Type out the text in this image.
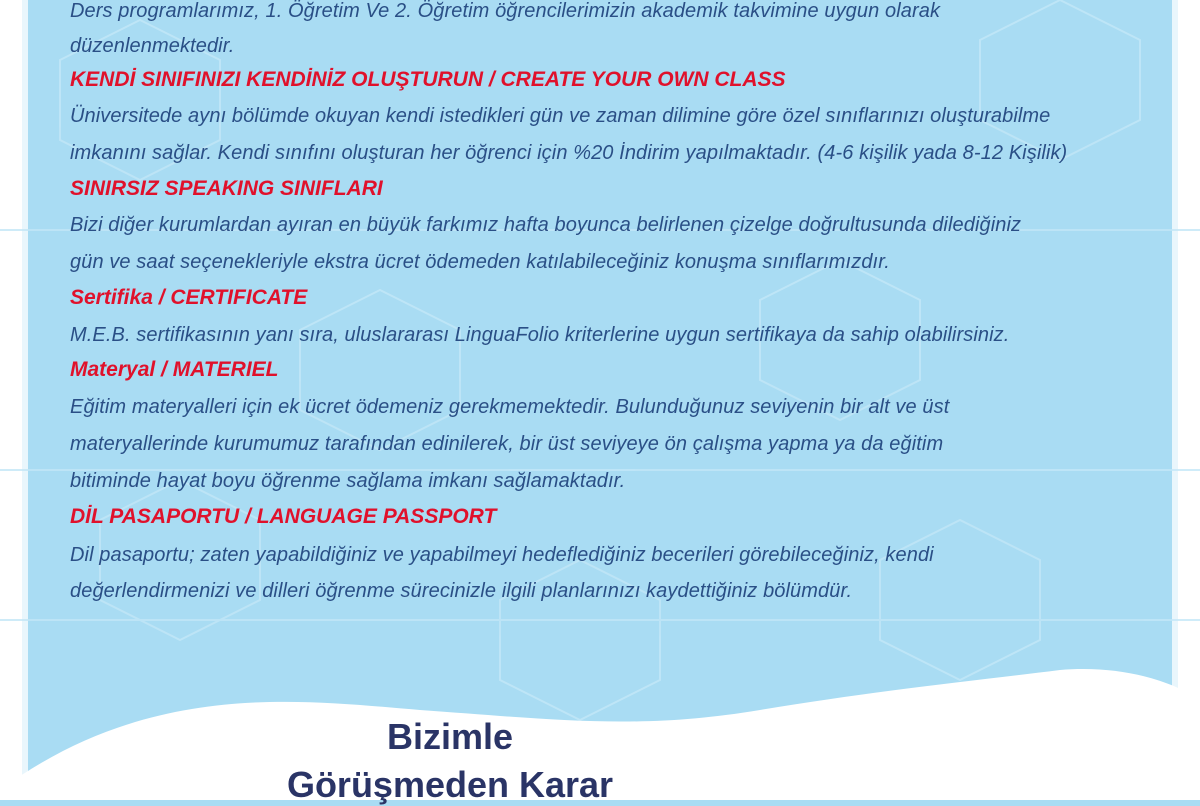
Ders programlarımız, 1. Öğretim Ve 2. Öğretim öğrencilerimizin akademik takvimine uygun olarak
düzenlenmektedir.
KENDİ SINIFINIZI KENDİNİZ OLUŞTURUN / CREATE YOUR OWN CLASS
Üniversitede aynı bölümde okuyan kendi istedikleri gün ve zaman dilimine göre özel sınıflarınızı oluşturabilme
imkanını sağlar. Kendi sınıfını oluşturan her öğrenci için %20 İndirim yapılmaktadır. (4-6 kişilik yada 8-12 Kişilik)
SINIRSIZ SPEAKING SINIFLARI
Bizi diğer kurumlardan ayıran en büyük farkımız hafta boyunca belirlenen çizelge doğrultusunda dilediğiniz
gün ve saat seçenekleriyle ekstra ücret ödemeden katılabileceğiniz konuşma sınıflarımızdır.
Sertifika / CERTIFICATE
M.E.B. sertifikasının yanı sıra, uluslararası LinguaFolio kriterlerine uygun sertifikaya da sahip olabilirsiniz.
Materyal / MATERIEL
Eğitim materyalleri için ek ücret ödemeniz gerekmemektedir. Bulunduğunuz seviyenin bir alt ve üst
materyallerinde kurumumuz tarafından edinilerek, bir üst seviyeye ön çalışma yapma ya da eğitim
bitiminde hayat boyu öğrenme sağlama imkanı sağlamaktadır.
DİL PASAPORTU / LANGUAGE PASSPORT
Dil pasaportu; zaten yapabildiğiniz ve yapabilmeyi hedeflediğiniz becerileri görebileceğiniz, kendi
değerlendirmenizi ve dilleri öğrenme sürecinizle ilgili planlarınızı kaydettiğiniz bölümdür.
Bizimle
Görüşmeden Karar
